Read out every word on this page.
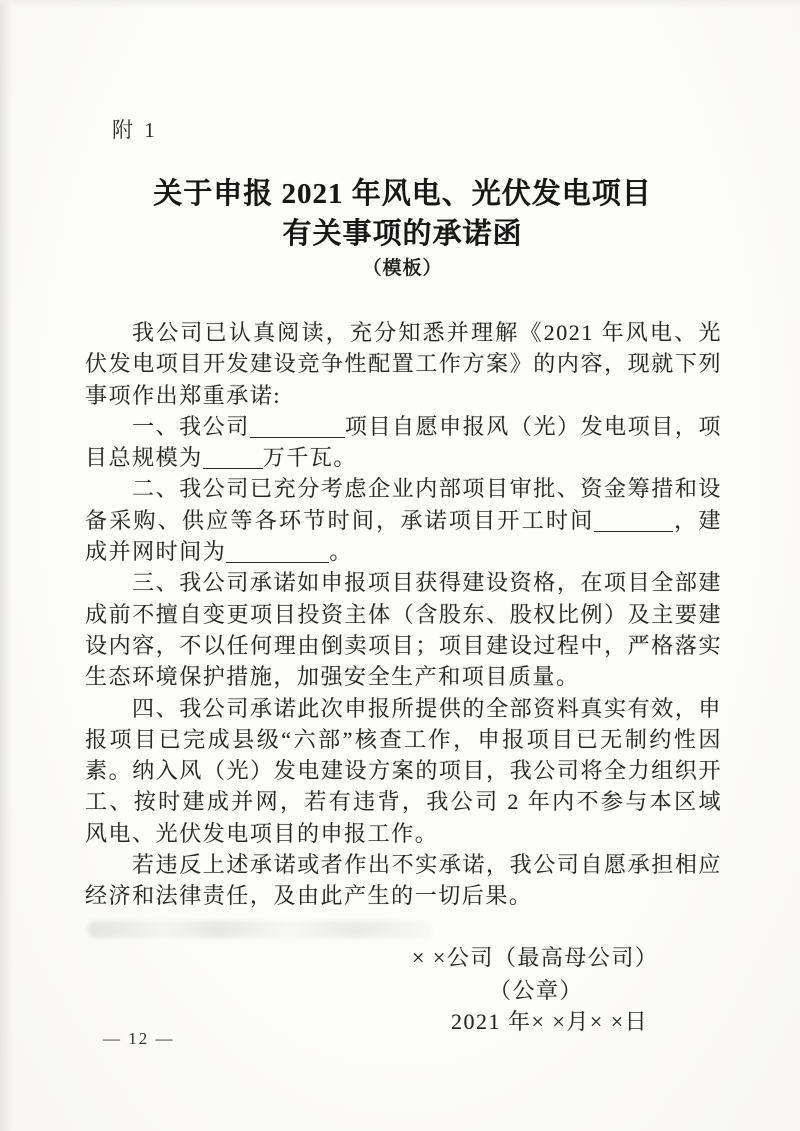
附 1
关于申报 2021 年风电、光伏发电项目
有关事项的承诺函
（模板）

我公司已认真阅读，充分知悉并理解《2021 年风电、光伏发电项目开发建设竞争性配置工作方案》的内容，现就下列事项作出郑重承诺:

一、我公司	项目自愿申报风（光）发电项目，项目总规模为	万千瓦。

二、我公司已充分考虑企业内部项目审批、资金筹措和设备采购、供应等各环节时间，承诺项目开工时间	，建成并网时间为	。

三、我公司承诺如申报项目获得建设资格，在项目全部建成前不擅自变更项目投资主体（含股东、股权比例）及主要建设内容，不以任何理由倒卖项目；项目建设过程中，严格落实生态环境保护措施，加强安全生产和项目质量。

四、我公司承诺此次申报所提供的全部资料真实有效，申报项目已完成县级“六部”核查工作，申报项目已无制约性因素。纳入风（光）发电建设方案的项目，我公司将全力组织开工、按时建成并网，若有违背，我公司 2 年内不参与本区域风电、光伏发电项目的申报工作。

若违反上述承诺或者作出不实承诺，我公司自愿承担相应经济和法律责任，及由此产生的一切后果。

× ×公司（最高母公司）
（公章）
2021 年× ×月× ×日
— 12 —
